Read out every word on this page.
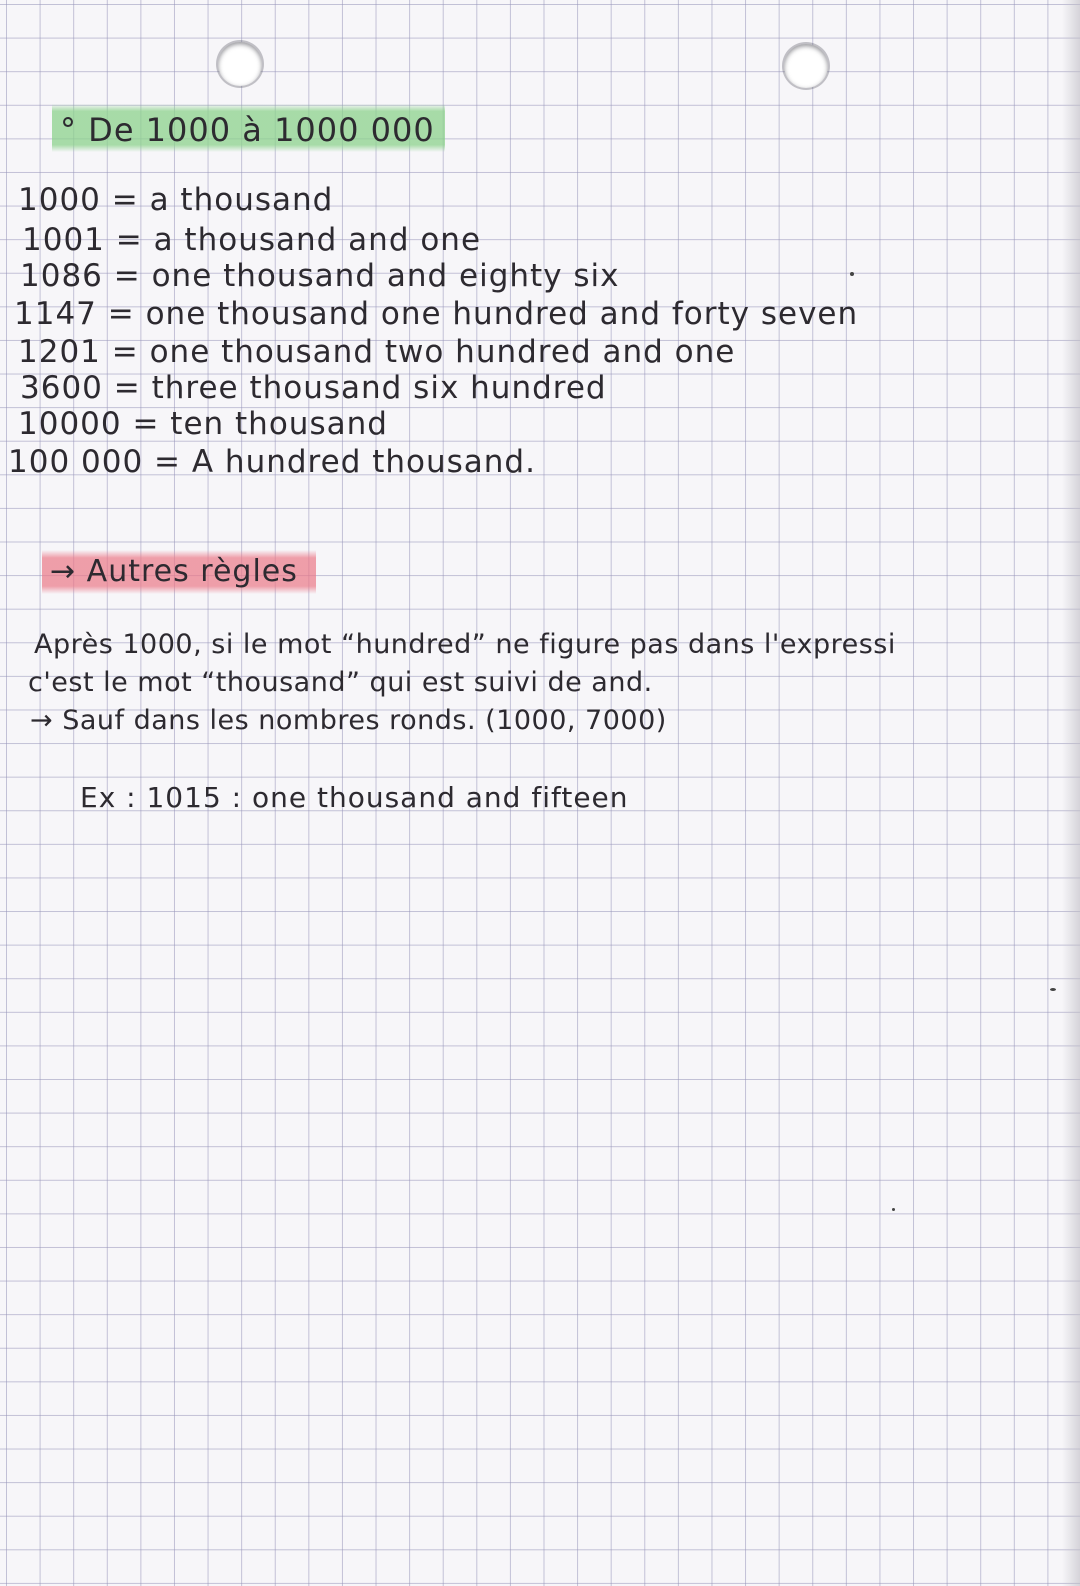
° De 1000 à 1000 000
1000 = a thousand
1001 = a thousand and one
1086 = one thousand and eighty six
1147 = one thousand one hundred and forty seven
1201 = one thousand two hundred and one
3600 = three thousand six hundred
10000 = ten thousand
100 000 = A hundred thousand.
→ Autres règles
Après 1000, si le mot “hundred” ne figure pas dans l'expressi
c'est le mot “thousand” qui est suivi de and.
→ Sauf dans les nombres ronds. (1000, 7000)
Ex : 1015 : one thousand and fifteen
